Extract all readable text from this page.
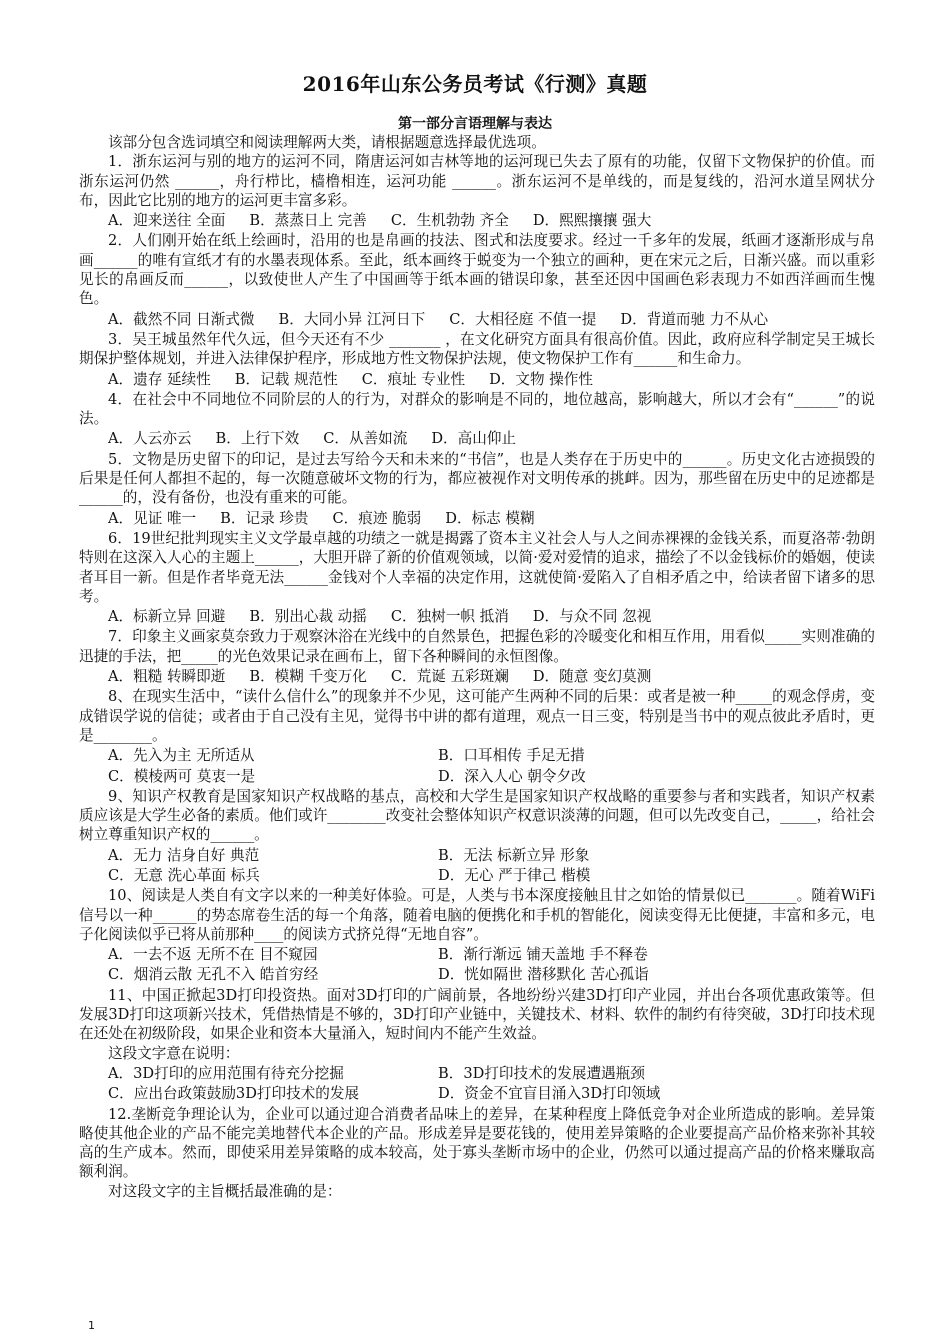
2016年山东公务员考试《行测》真题
第一部分言语理解与表达

该部分包含选词填空和阅读理解两大类，请根据题意选择最优选项。

1．浙东运河与别的地方的运河不同，隋唐运河如吉林等地的运河现已失去了原有的功能，仅留下文物保护的价值。而浙东运河仍然 ______，舟行栉比，樯橹相连，运河功能 ______。浙东运河不是单线的，而是复线的，沿河水道呈网状分布，因此它比别的地方的运河更丰富多彩。

A．迎来送往 全面 B．蒸蒸日上 完善 C．生机勃勃 齐全 D．熙熙攘攘 强大

2．人们刚开始在纸上绘画时，沿用的也是帛画的技法、图式和法度要求。经过一千多年的发展，纸画才逐渐形成与帛画______的唯有宣纸才有的水墨表现体系。至此，纸本画终于蜕变为一个独立的画种，更在宋元之后，日渐兴盛。而以重彩见长的帛画反而______，以致使世人产生了中国画等于纸本画的错误印象，甚至还因中国画色彩表现力不如西洋画而生愧色。

A．截然不同 日渐式微 B．大同小异 江河日下 C．大相径庭 不值一提 D．背道而驰 力不从心

3．吴王城虽然年代久远，但今天还有不少 _______ ，在文化研究方面具有很高价值。因此，政府应科学制定吴王城长期保护整体规划，并进入法律保护程序，形成地方性文物保护法规，使文物保护工作有______和生命力。

A．遗存 延续性 B．记载 规范性 C．痕址 专业性 D．文物 操作性

4．在社会中不同地位不同阶层的人的行为，对群众的影响是不同的，地位越高，影响越大，所以才会有“______”的说法。

A．人云亦云 B．上行下效 C．从善如流 D．高山仰止

5．文物是历史留下的印记，是过去写给今天和未来的“书信”，也是人类存在于历史中的______。历史文化古迹损毁的后果是任何人都担不起的，每一次随意破坏文物的行为，都应被视作对文明传承的挑衅。因为，那些留在历史中的足迹都是______的，没有备份，也没有重来的可能。

A．见证 唯一 B．记录 珍贵 C．痕迹 脆弱 D．标志 模糊

6．19世纪批判现实主义文学最卓越的功绩之一就是揭露了资本主义社会人与人之间赤裸裸的金钱关系，而夏洛蒂·勃朗特则在这深入人心的主题上______，大胆开辟了新的价值观领域，以简·爱对爱情的追求，描绘了不以金钱标价的婚姻，使读者耳目一新。但是作者毕竟无法______金钱对个人幸福的决定作用，这就使简·爱陷入了自相矛盾之中，给读者留下诸多的思考。

A．标新立异 回避 B．别出心裁 动摇 C．独树一帜 抵消 D．与众不同 忽视

7．印象主义画家莫奈致力于观察沐浴在光线中的自然景色，把握色彩的冷暖变化和相互作用，用看似_____实则准确的迅捷的手法，把_____的光色效果记录在画布上，留下各种瞬间的永恒图像。

A．粗糙 转瞬即逝 B．模糊 千变万化 C．荒诞 五彩斑斓 D．随意 变幻莫测

8、在现实生活中，“读什么信什么”的现象并不少见，这可能产生两种不同的后果：或者是被一种_____的观念俘虏，变成错误学说的信徒；或者由于自己没有主见，觉得书中讲的都有道理，观点一日三变，特别是当书中的观点彼此矛盾时，更是________。

A．先入为主 无所适从	B．口耳相传 手足无措
C．模棱两可 莫衷一是	D．深入人心 朝令夕改

9、知识产权教育是国家知识产权战略的基点，高校和大学生是国家知识产权战略的重要参与者和实践者，知识产权素质应该是大学生必备的素质。他们或许________改变社会整体知识产权意识淡薄的问题，但可以先改变自己，_____，给社会树立尊重知识产权的______。

A．无力 洁身自好 典范	B．无法 标新立异 形象
C．无意 洗心革面 标兵	D．无心 严于律己 楷模

10、阅读是人类自有文字以来的一种美好体验。可是，人类与书本深度接触且甘之如饴的情景似已_______。随着WiFi信号以一种______的势态席卷生活的每一个角落，随着电脑的便携化和手机的智能化，阅读变得无比便捷，丰富和多元，电子化阅读似乎已将从前那种____的阅读方式挤兑得“无地自容”。

A．一去不返 无所不在 目不窥园	B．渐行渐远 铺天盖地 手不释卷
C．烟消云散 无孔不入 皓首穷经	D．恍如隔世 潜移默化 苦心孤诣

11、中国正掀起3D打印投资热。面对3D打印的广阔前景，各地纷纷兴建3D打印产业园，并出台各项优惠政策等。但发展3D打印这项新兴技术，凭借热情是不够的，3D打印产业链中，关键技术、材料、软件的制约有待突破，3D打印技术现在还处在初级阶段，如果企业和资本大量涌入，短时间内不能产生效益。

这段文字意在说明：

A．3D打印的应用范围有待充分挖掘	B．3D打印技术的发展遭遇瓶颈
C．应出台政策鼓励3D打印技术的发展	D．资金不宜盲目涌入3D打印领域

12.垄断竞争理论认为，企业可以通过迎合消费者品味上的差异，在某种程度上降低竞争对企业所造成的影响。差异策略使其他企业的产品不能完美地替代本企业的产品。形成差异是要花钱的，使用差异策略的企业要提高产品价格来弥补其较高的生产成本。然而，即使采用差异策略的成本较高，处于寡头垄断市场中的企业，仍然可以通过提高产品的价格来赚取高额利润。

对这段文字的主旨概括最准确的是：

1
